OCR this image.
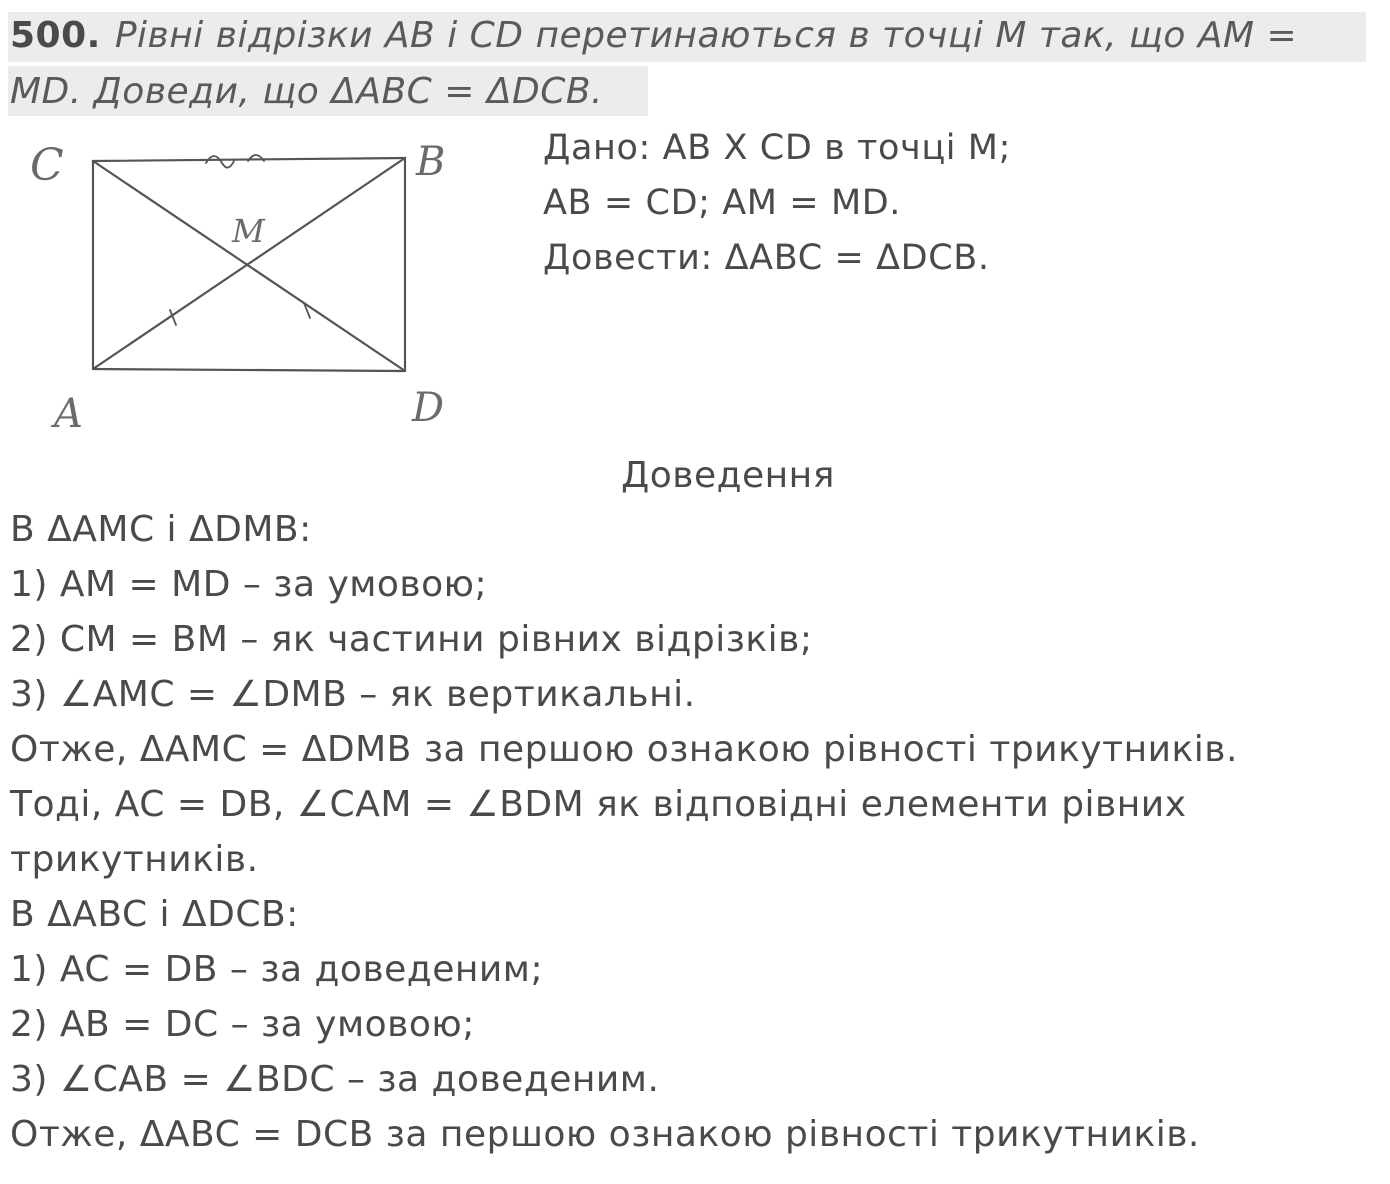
500. Рівні відрізки AB і CD перетинаються в точці M так, що AM =
MD. Доведи, що ΔABC = ΔDCB.
C	B
A	D
M
Дано: AB X CD в точці M;
AB = CD; AM = MD.
Довести: ΔABC = ΔDCB.
Доведення
В ΔAMC і ΔDMB:
1) AM = MD – за умовою;
2) CM = BM – як частини рівних відрізків;
3) ∠AMC = ∠DMB – як вертикальні.
Отже, ΔAMC = ΔDMB за першою ознакою рівності трикутників.
Тоді, AC = DB, ∠CAM = ∠BDM як відповідні елементи рівних
трикутників.
В ΔABC і ΔDCB:
1) AC = DB – за доведеним;
2) AB = DC – за умовою;
3) ∠CAB = ∠BDC – за доведеним.
Отже, ΔABC = DCB за першою ознакою рівності трикутників.
